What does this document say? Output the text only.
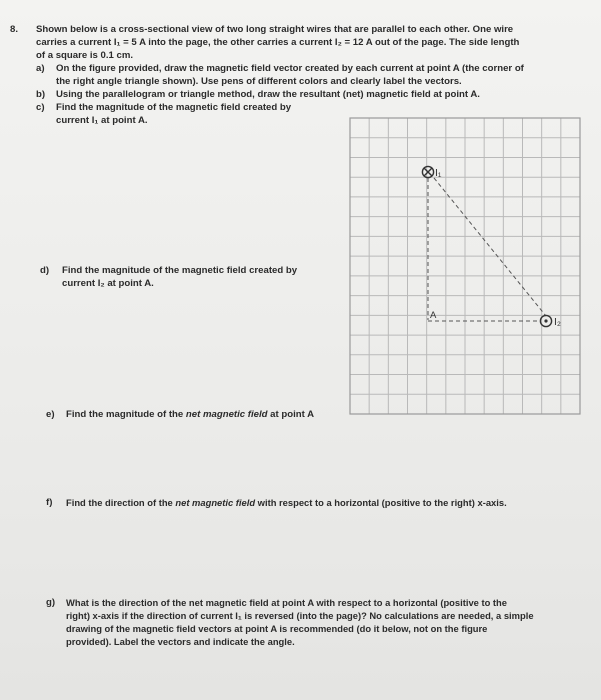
8. Shown below is a cross-sectional view of two long straight wires that are parallel to each other. One wire
carries a current I₁ = 5 A into the page, the other carries a current I₂ = 12 A out of the page. The side length
of a square is 0.1 cm.
a) On the figure provided, draw the magnetic field vector created by each current at point A (the corner of
the right angle triangle shown). Use pens of different colors and clearly label the vectors.
b) Using the parallelogram or triangle method, draw the resultant (net) magnetic field at point A.
c) Find the magnitude of the magnetic field created by
current I₁ at point A.
d) Find the magnitude of the magnetic field created by
current I₂ at point A.
e) Find the magnitude of the net magnetic field at point A
f) Find the direction of the net magnetic field with respect to a horizontal (positive to the right) x-axis.
g) What is the direction of the net magnetic field at point A with respect to a horizontal (positive to the
right) x-axis if the direction of current I₁ is reversed (into the page)? No calculations are needed, a simple
drawing of the magnetic field vectors at point A is recommended (do it below, not on the figure
provided). Label the vectors and indicate the angle.
I₁
I₂
A
